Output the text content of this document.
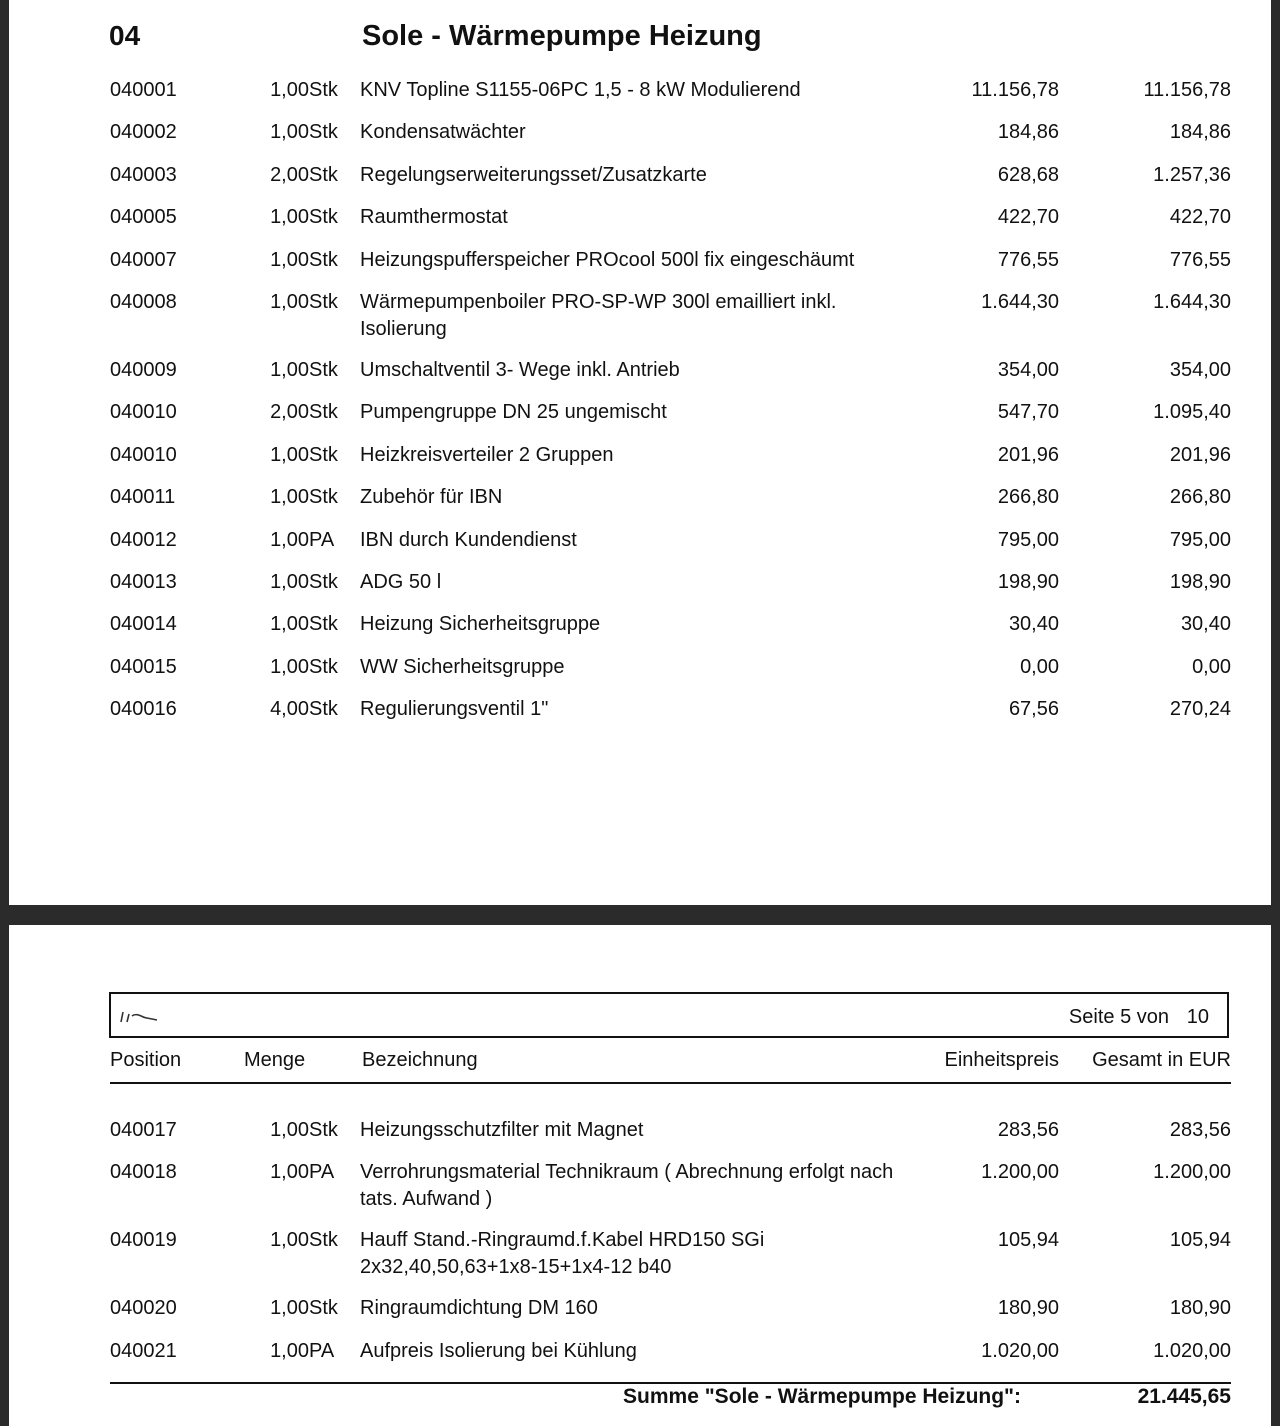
04	Sole - Wärmepumpe Heizung
040001	1,00 Stk KNV Topline S1155-06PC 1,5 - 8 kW Modulierend	11.156,78	11.156,78
040002	1,00 Stk Kondensatwächter	184,86	184,86
040003	2,00 Stk Regelungserweiterungsset/Zusatzkarte	628,68	1.257,36
040005	1,00 Stk Raumthermostat	422,70	422,70
040007	1,00 Stk Heizungspufferspeicher PROcool 500l fix eingeschäumt	776,55	776,55
040008	1,00 Stk Wärmepumpenboiler PRO-SP-WP 300l emailliert inkl.
Isolierung
1.644,30	1.644,30
040009	1,00 Stk Umschaltventil 3- Wege inkl. Antrieb	354,00	354,00
040010	2,00 Stk Pumpengruppe DN 25 ungemischt	547,70	1.095,40
040010	1,00 Stk Heizkreisverteiler 2 Gruppen	201,96	201,96
040011	1,00 Stk Zubehör für IBN	266,80	266,80
040012	1,00 PA IBN durch Kundendienst	795,00	795,00
040013	1,00 Stk ADG 50 l	198,90	198,90
040014	1,00 Stk Heizung Sicherheitsgruppe	30,40	30,40
040015	1,00 Stk WW Sicherheitsgruppe	0,00	0,00
040016	4,00 Stk Regulierungsventil 1"	67,56	270,24
Seite 5 von 10
Position	Menge	Bezeichnung	Einheitspreis	Gesamt in EUR
040017	1,00 Stk Heizungsschutzfilter mit Magnet	283,56	283,56
040018	1,00 PA Verrohrungsmaterial Technikraum ( Abrechnung erfolgt nach
tats. Aufwand )
1.200,00	1.200,00
040019	1,00 Stk Hauff Stand.-Ringraumd.f.Kabel HRD150 SGi
2x32,40,50,63+1x8-15+1x4-12 b40
105,94	105,94
040020	1,00 Stk Ringraumdichtung DM 160	180,90	180,90
040021	1,00 PA Aufpreis Isolierung bei Kühlung	1.020,00	1.020,00
Summe "Sole - Wärmepumpe Heizung":	21.445,65
